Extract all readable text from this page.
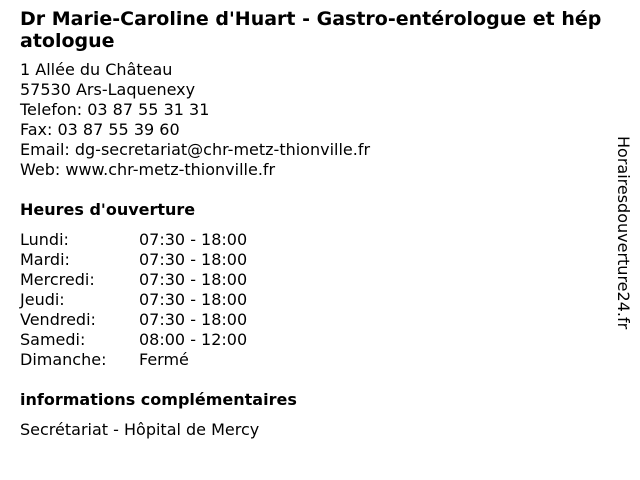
Dr Marie-Caroline d'Huart - Gastro-entérologue et hépatologue
1 Allée du Château
57530 Ars-Laquenexy
Telefon: 03 87 55 31 31
Fax: 03 87 55 39 60
Email: dg-secretariat@chr-metz-thionville.fr
Web: www.chr-metz-thionville.fr
Heures d'ouverture
Lundi:	07:30 - 18:00
Mardi:	07:30 - 18:00
Mercredi:	07:30 - 18:00
Jeudi:	07:30 - 18:00
Vendredi:	07:30 - 18:00
Samedi:	08:00 - 12:00
Dimanche: Fermé
informations complémentaires
Secrétariat - Hôpital de Mercy
Horairesdouverture24.fr
